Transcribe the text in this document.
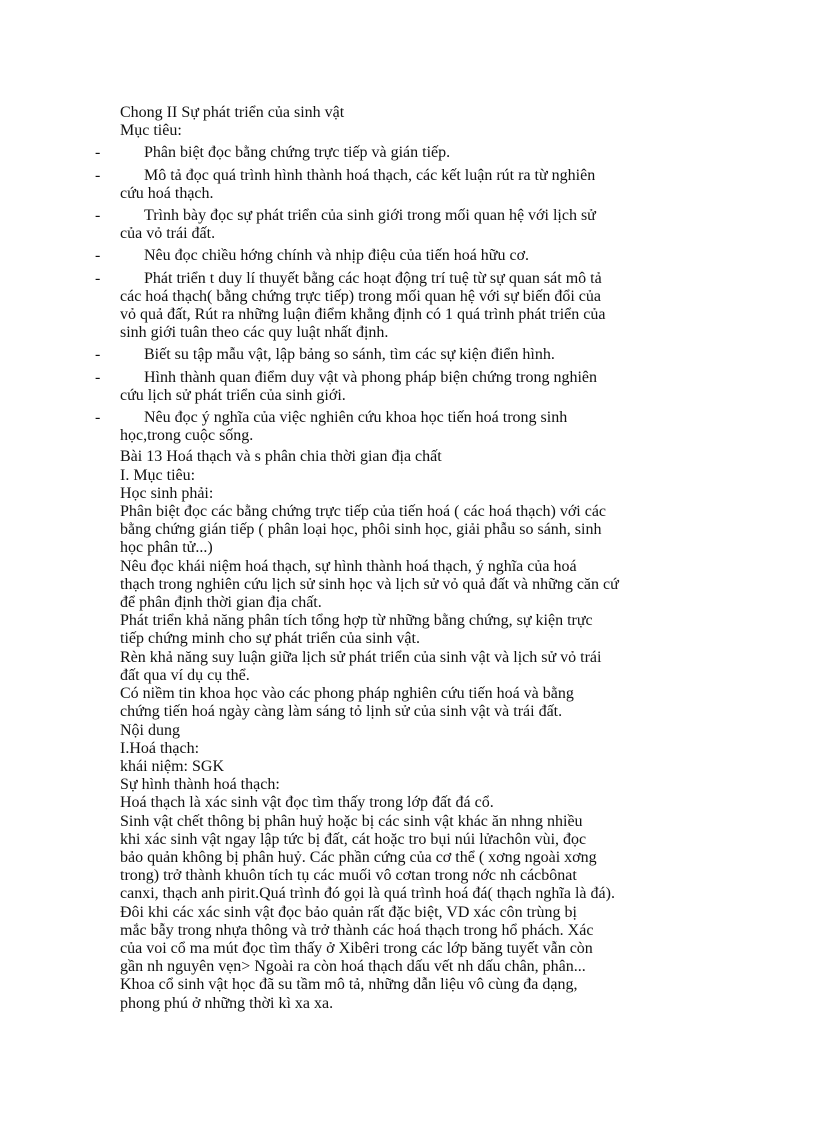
Chong II Sự phát triển của sinh vật
Mục tiêu:
-	Phân biệt đọc bằng chứng trực tiếp và gián tiếp.
-	Mô tả đọc quá trình hình thành hoá thạch, các kết luận rút ra từ nghiên
cứu hoá thạch.
-	Trình bày đọc sự phát triển của sinh giới trong mối quan hệ với lịch sử
của vỏ trái đất.
-	Nêu đọc chiều hớng chính và nhịp điệu của tiến hoá hữu cơ.
-	Phát triển t duy lí thuyết bằng các hoạt động trí tuệ từ sự quan sát mô tả
các hoá thạch( bằng chứng trực tiếp) trong mối quan hệ với sự biến đổi của
vỏ quả đất, Rút ra những luận điểm khẳng định có 1 quá trình phát triển của
sinh giới tuân theo các quy luật nhất định.
-	Biết su tập mẫu vật, lập bảng so sánh, tìm các sự kiện điển hình.
-	Hình thành quan điểm duy vật và phong pháp biện chứng trong nghiên
cứu lịch sử phát triển của sinh giới.
-	Nêu đọc ý nghĩa của việc nghiên cứu khoa học tiến hoá trong sinh
học,trong cuộc sống.
Bài 13 Hoá thạch và s phân chia thời gian địa chất
I. Mục tiêu:
Học sinh phải:
Phân biệt đọc các bằng chứng trực tiếp của tiến hoá ( các hoá thạch) với các
bằng chứng gián tiếp ( phân loại học, phôi sinh học, giải phẫu so sánh, sinh
học phân tử...)
Nêu đọc khái niệm hoá thạch, sự hình thành hoá thạch, ý nghĩa của hoá
thạch trong nghiên cứu lịch sử sinh học và lịch sử vỏ quả đất và những căn cứ
để phân định thời gian địa chất.
Phát triển khả năng phân tích tổng hợp từ những bằng chứng, sự kiện trực
tiếp chứng minh cho sự phát triển của sinh vật.
Rèn khả năng suy luận giữa lịch sử phát triển của sinh vật và lịch sử vỏ trái
đất qua ví dụ cụ thể.
Có niềm tin khoa học vào các phong pháp nghiên cứu tiến hoá và bằng
chứng tiến hoá ngày càng làm sáng tỏ lịnh sử của sinh vật và trái đất.
Nội dung
I.Hoá thạch:
khái niệm: SGK
Sự hình thành hoá thạch:
Hoá thạch là xác sinh vật đọc tìm thấy trong lớp đất đá cổ.
Sinh vật chết thông bị phân huỷ hoặc bị các sinh vật khác ăn nhng nhiều
khi xác sinh vật ngay lập tức bị đất, cát hoặc tro bụi núi lửachôn vùi, đọc
bảo quản không bị phân huỷ. Các phần cứng của cơ thể ( xơng ngoài xơng
trong) trở thành khuôn tích tụ các muối vô cơtan trong nớc nh cácbônat
canxi, thạch anh pirit.Quá trình đó gọi là quá trình hoá đá( thạch nghĩa là đá).
Đôi khi các xác sinh vật đọc bảo quản rất đặc biệt, VD xác côn trùng bị
mắc bẫy trong nhựa thông và trở thành các hoá thạch trong hổ phách. Xác
của voi cổ ma mút đọc tìm thấy ở Xibêri trong các lớp băng tuyết vẫn còn
gần nh nguyên vẹn> Ngoài ra còn hoá thạch dấu vết nh dấu chân, phân...
Khoa cổ sinh vật học đã su tầm mô tả, những dẫn liệu vô cùng đa dạng,
phong phú ở những thời kì xa xa.
